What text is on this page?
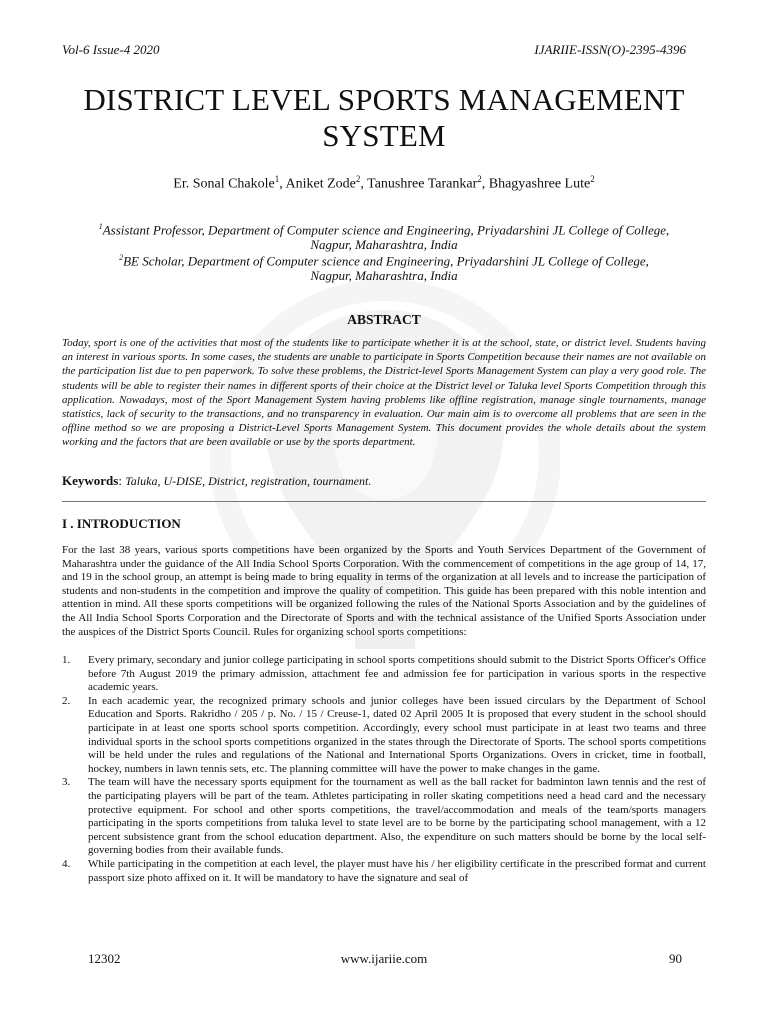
Vol-6 Issue-4 2020	IJARIIE-ISSN(O)-2395-4396
DISTRICT LEVEL SPORTS MANAGEMENT
SYSTEM
Er. Sonal Chakole$^1$, Aniket Zode$^2$, Tanushree Tarankar$^2$, Bhagyashree Lute$^2$
$^1$Assistant Professor, Department of Computer science and Engineering, Priyadarshini JL College of College,
Nagpur, Maharashtra, India
$^2$BE Scholar, Department of Computer science and Engineering, Priyadarshini JL College of College,
Nagpur, Maharashtra, India
ABSTRACT
Today, sport is one of the activities that most of the students like to participate whether it is at the school, state, or district level. Students having an interest in various sports. In some cases, the students are unable to participate in Sports Competition because their names are not available on the participation list due to pen paperwork. To solve these problems, the District-level Sports Management System can play a very good role. The students will be able to register their names in different sports of their choice at the District level or Taluka level Sports Competition through this application. Nowadays, most of the Sport Management System having problems like offline registration, manage single tournaments, manage statistics, lack of security to the transactions, and no transparency in evaluation. Our main aim is to overcome all problems that are seen in the offline method so we are proposing a District-Level Sports Management System. This document provides the whole details about the system working and the factors that are been available or use by the sports department.
Keywords: Taluka, U-DISE, District, registration, tournament.
I . INTRODUCTION
For the last 38 years, various sports competitions have been organized by the Sports and Youth Services Department of the Government of Maharashtra under the guidance of the All India School Sports Corporation. With the commencement of competitions in the age group of 14, 17, and 19 in the school group, an attempt is being made to bring equality in terms of the organization at all levels and to increase the participation of students and non-students in the competition and improve the quality of competition. This guide has been prepared with this noble intention and attention in mind. All these sports competitions will be organized following the rules of the National Sports Association and by the guidelines of the All India School Sports Corporation and the Directorate of Sports and with the technical assistance of the Unified Sports Association under the auspices of the District Sports Council. Rules for organizing school sports competitions:
1. Every primary, secondary and junior college participating in school sports competitions should submit to the District Sports Officer's Office before 7th August 2019 the primary admission, attachment fee and admission fee for participation in various sports in the respective academic years.
2. In each academic year, the recognized primary schools and junior colleges have been issued circulars by the Department of School Education and Sports. Rakridho / 205 / p. No. / 15 / Creuse-1, dated 02 April 2005 It is proposed that every student in the school should participate in at least one sports school sports competition. Accordingly, every school must participate in at least two teams and three individual sports in the school sports competitions organized in the states through the Directorate of Sports. The school sports competitions will be held under the rules and regulations of the National and International Sports Organizations. Overs in cricket, time in football, hockey, numbers in lawn tennis sets, etc. The planning committee will have the power to make changes in the game.
3. The team will have the necessary sports equipment for the tournament as well as the ball racket for badminton lawn tennis and the rest of the participating players will be part of the team. Athletes participating in roller skating competitions need a head card and the necessary protective equipment. For school and other sports competitions, the travel/accommodation and meals of the team/sports managers participating in the sports competitions from taluka level to state level are to be borne by the participating school management, with a 12 percent subsistence grant from the school education department. Also, the expenditure on such matters should be borne by the local self-governing bodies from their available funds.
4. While participating in the competition at each level, the player must have his / her eligibility certificate in the prescribed format and current passport size photo affixed on it. It will be mandatory to have the signature and seal of
12302	www.ijariie.com	90
